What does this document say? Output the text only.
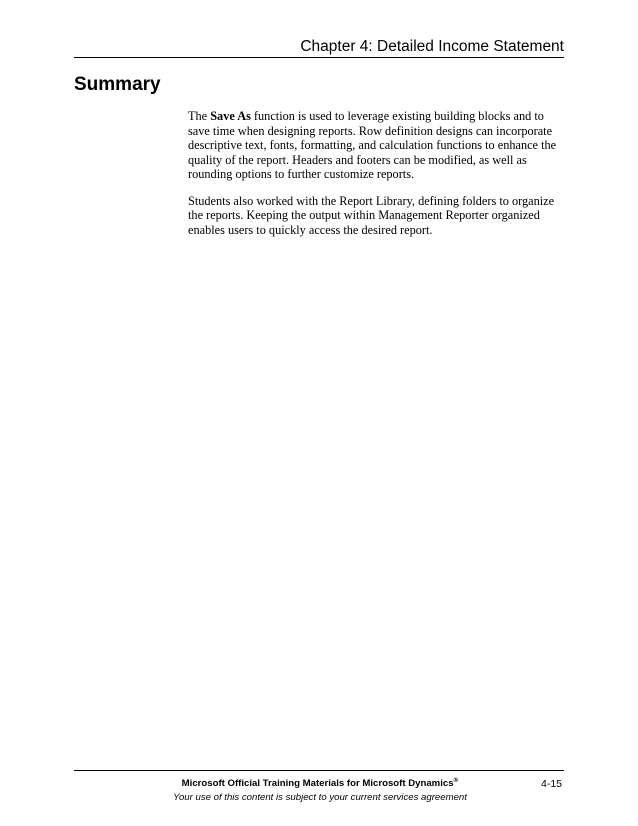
Chapter 4: Detailed Income Statement
Summary

The Save As function is used to leverage existing building blocks and to save time when designing reports. Row definition designs can incorporate descriptive text, fonts, formatting, and calculation functions to enhance the quality of the report. Headers and footers can be modified, as well as rounding options to further customize reports.

Students also worked with the Report Library, defining folders to organize the reports. Keeping the output within Management Reporter organized enables users to quickly access the desired report.

Microsoft Official Training Materials for Microsoft Dynamics®
Your use of this content is subject to your current services agreement
4-15
